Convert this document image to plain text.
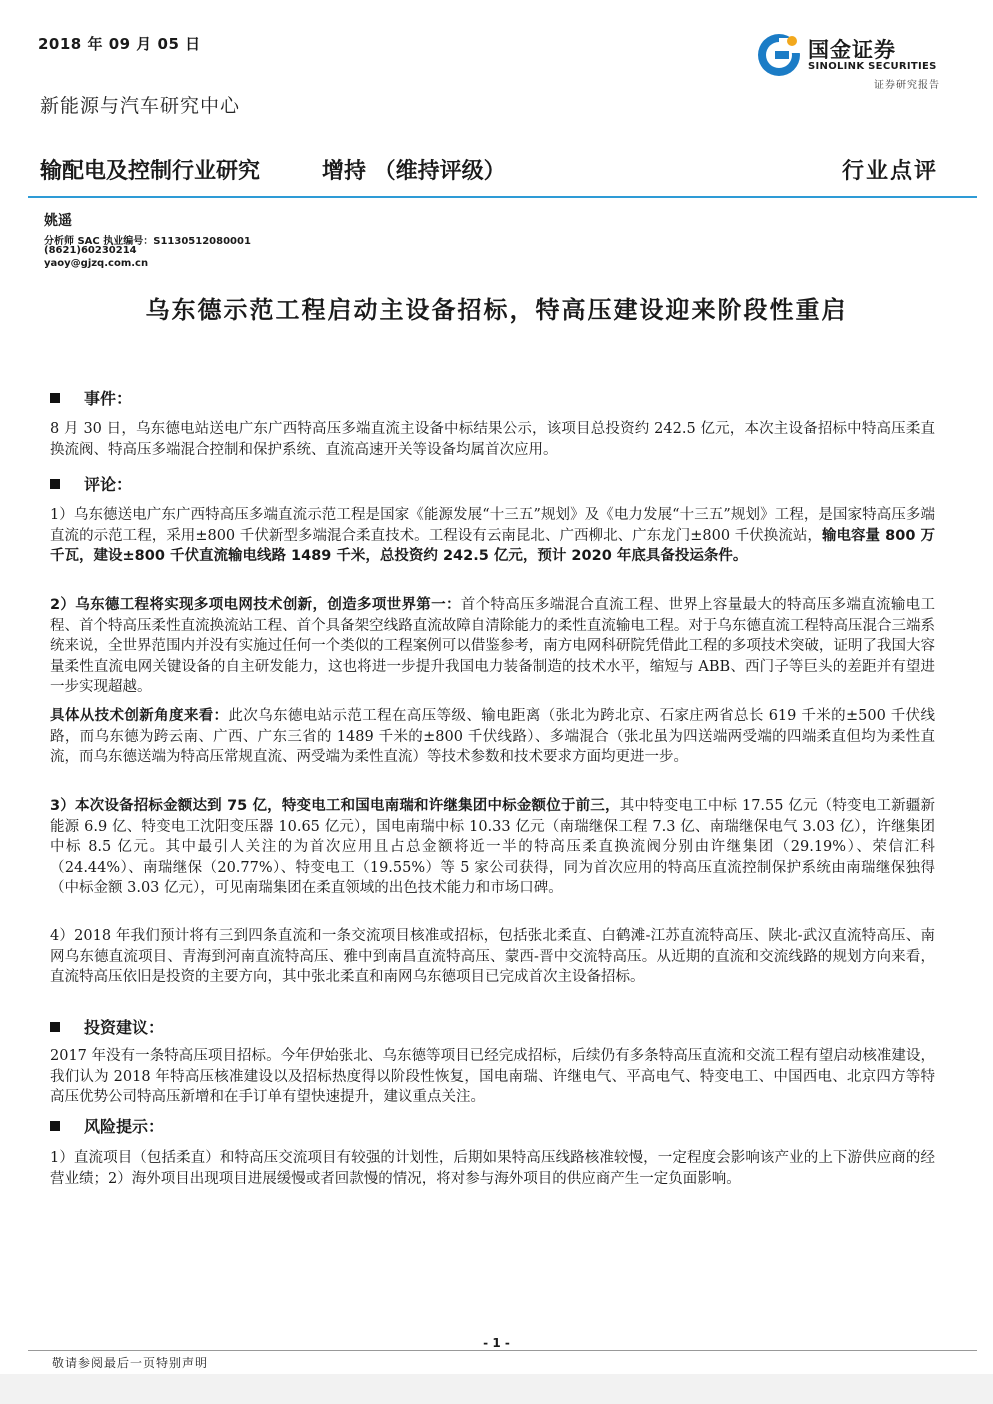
2018 年 09 月 05 日	国金证券
SINOLINK SECURITIES
证券研究报告
新能源与汽车研究中心
输配电及控制行业研究	增持 （维持评级）	行业点评
姚遥
分析师 SAC 执业编号：S1130512080001
(8621)60230214
yaoy@gjzq.com.cn
乌东德示范工程启动主设备招标，特高压建设迎来阶段性重启
事件：
8 月 30 日，乌东德电站送电广东广西特高压多端直流主设备中标结果公示，该项目总投资约 242.5 亿元，本次主设备招标中特高压柔直换流阀、特高压多端混合控制和保护系统、直流高速开关等设备均属首次应用。
评论：
1）乌东德送电广东广西特高压多端直流示范工程是国家《能源发展“十三五”规划》及《电力发展“十三五”规划》工程，是国家特高压多端直流的示范工程，采用±800 千伏新型多端混合柔直技术。工程设有云南昆北、广西柳北、广东龙门±800 千伏换流站，输电容量 800 万千瓦，建设±800 千伏直流输电线路 1489 千米，总投资约 242.5 亿元，预计 2020 年底具备投运条件。
2）乌东德工程将实现多项电网技术创新，创造多项世界第一：首个特高压多端混合直流工程、世界上容量最大的特高压多端直流输电工程、首个特高压柔性直流换流站工程、首个具备架空线路直流故障自清除能力的柔性直流输电工程。对于乌东德直流工程特高压混合三端系统来说，全世界范围内并没有实施过任何一个类似的工程案例可以借鉴参考，南方电网科研院凭借此工程的多项技术突破，证明了我国大容量柔性直流电网关键设备的自主研发能力，这也将进一步提升我国电力装备制造的技术水平，缩短与 ABB、西门子等巨头的差距并有望进一步实现超越。
具体从技术创新角度来看：此次乌东德电站示范工程在高压等级、输电距离（张北为跨北京、石家庄两省总长 619 千米的±500 千伏线路，而乌东德为跨云南、广西、广东三省的 1489 千米的±800 千伏线路）、多端混合（张北虽为四送端两受端的四端柔直但均为柔性直流，而乌东德送端为特高压常规直流、两受端为柔性直流）等技术参数和技术要求方面均更进一步。
3）本次设备招标金额达到 75 亿，特变电工和国电南瑞和许继集团中标金额位于前三，其中特变电工中标 17.55 亿元（特变电工新疆新能源 6.9 亿、特变电工沈阳变压器 10.65 亿元），国电南瑞中标 10.33 亿元（南瑞继保工程 7.3 亿、南瑞继保电气 3.03 亿），许继集团中标 8.5 亿元。其中最引人关注的为首次应用且占总金额将近一半的特高压柔直换流阀分别由许继集团（29.19%）、荣信汇科（24.44%）、南瑞继保（20.77%）、特变电工（19.55%）等 5 家公司获得，同为首次应用的特高压直流控制保护系统由南瑞继保独得（中标金额 3.03 亿元），可见南瑞集团在柔直领域的出色技术能力和市场口碑。
4）2018 年我们预计将有三到四条直流和一条交流项目核准或招标，包括张北柔直、白鹤滩-江苏直流特高压、陕北-武汉直流特高压、南网乌东德直流项目、青海到河南直流特高压、雅中到南昌直流特高压、蒙西-晋中交流特高压。从近期的直流和交流线路的规划方向来看，直流特高压依旧是投资的主要方向，其中张北柔直和南网乌东德项目已完成首次主设备招标。
投资建议：
2017 年没有一条特高压项目招标。今年伊始张北、乌东德等项目已经完成招标，后续仍有多条特高压直流和交流工程有望启动核准建设，我们认为 2018 年特高压核准建设以及招标热度得以阶段性恢复，国电南瑞、许继电气、平高电气、特变电工、中国西电、北京四方等特高压优势公司特高压新增和在手订单有望快速提升，建议重点关注。
风险提示：
1）直流项目（包括柔直）和特高压交流项目有较强的计划性，后期如果特高压线路核准较慢，一定程度会影响该产业的上下游供应商的经营业绩；2）海外项目出现项目进展缓慢或者回款慢的情况，将对参与海外项目的供应商产生一定负面影响。
- 1 -
敬请参阅最后一页特别声明
